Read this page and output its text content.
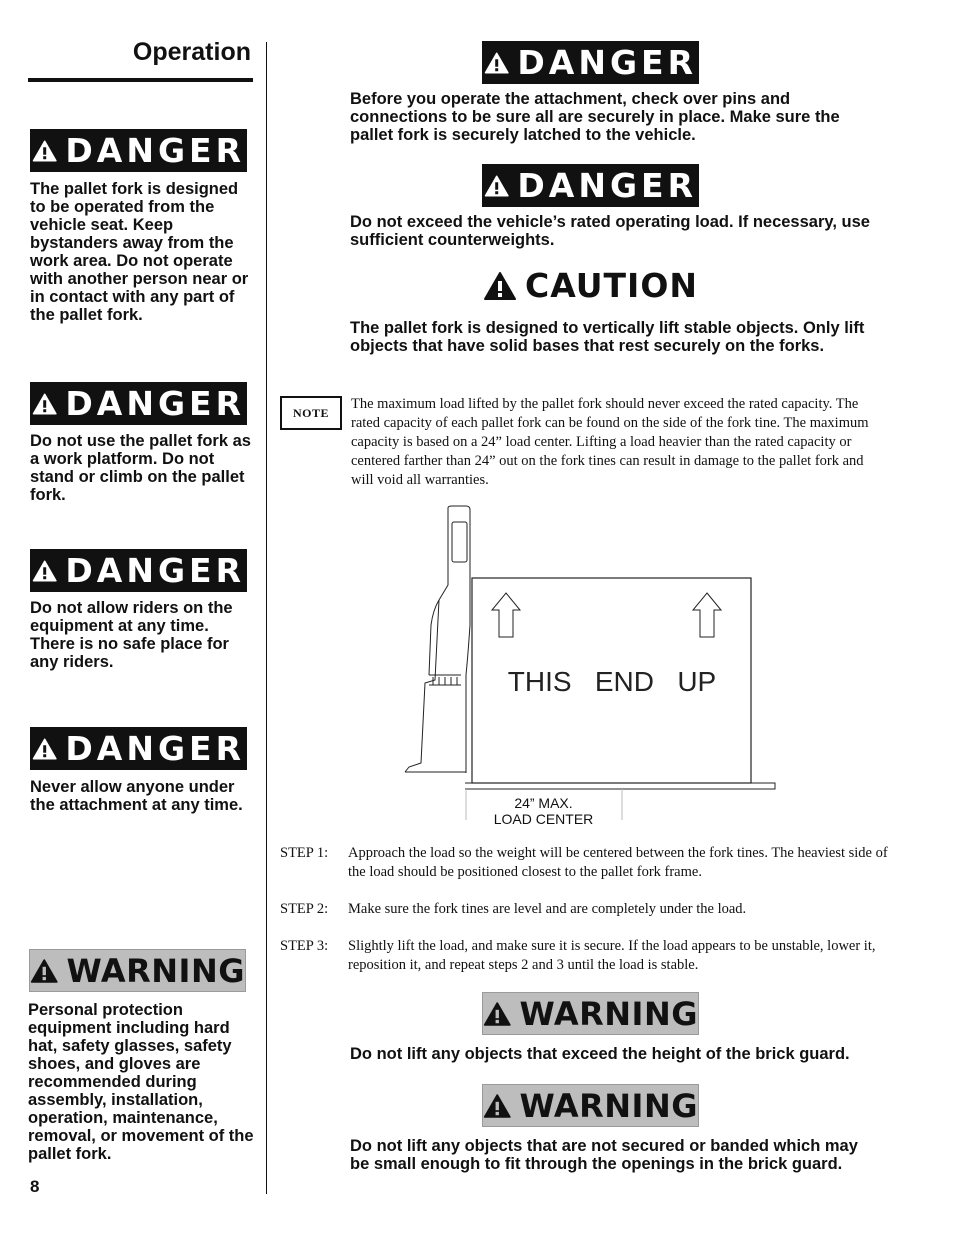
Operation
DANGER
The pallet fork is designed to be operated from the vehicle seat. Keep bystanders away from the work area. Do not operate with another person near or in contact with any part of the pallet fork.
DANGER
Do not use the pallet fork as a work platform. Do not stand or climb on the pallet fork.
DANGER
Do not allow riders on the equipment at any time. There is no safe place for any riders.
DANGER
Never allow anyone under the attachment at any time.
WARNING
Personal protection equipment including hard hat, safety glasses, safety shoes, and gloves are recommended during assembly, installation, operation, maintenance, removal, or movement of the pallet fork.
8
DANGER
Before you operate the attachment, check over pins and connections to be sure all are securely in place. Make sure the pallet fork is securely latched to the vehicle.
DANGER
Do not exceed the vehicle’s rated operating load. If necessary, use sufficient counterweights.
CAUTION
The pallet fork is designed to vertically lift stable objects. Only lift objects that have solid bases that rest securely on the forks.
NOTE
The maximum load lifted by the pallet fork should never exceed the rated capacity. The rated capacity of each pallet fork can be found on the side of the fork tine. The maximum capacity is based on a 24” load center. Lifting a load heavier than the rated capacity or centered farther than 24” out on the fork tines can result in damage to the pallet fork and will void all warranties.
THIS   END   UP
24” MAX.
LOAD CENTER
STEP 1: Approach the load so the weight will be centered between the fork tines. The heaviest side of the load should be positioned closest to the pallet fork frame.
STEP 2: Make sure the fork tines are level and are completely under the load.
STEP 3: Slightly lift the load, and make sure it is secure. If the load appears to be unstable, lower it, reposition it, and repeat steps 2 and 3 until the load is stable.
WARNING
Do not lift any objects that exceed the height of the brick guard.
WARNING
Do not lift any objects that are not secured or banded which may be small enough to fit through the openings in the brick guard.
